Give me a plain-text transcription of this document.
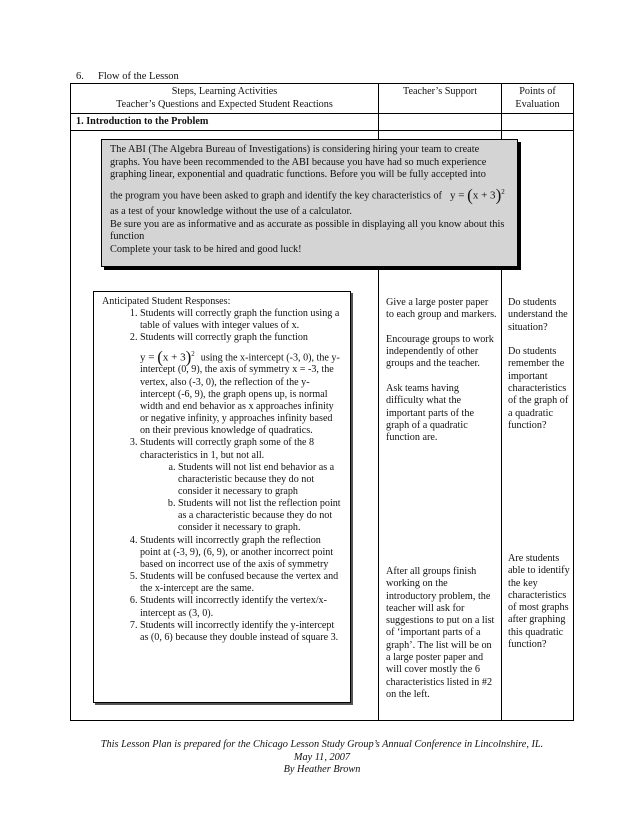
6. Flow of the Lesson
Steps, Learning Activities
Teacher’s Questions and Expected Student Reactions
Teacher’s Support	Points of
Evaluation
1. Introduction to the Problem

The ABI (The Algebra Bureau of Investigations) is considering hiring your team to create graphs. You have been recommended to the ABI because you have had so much experience graphing linear, exponential and quadratic functions. Before you will be fully accepted into

the program you have been asked to graph and identify the key characteristics of $y = (x + 3)^2$

as a test of your knowledge without the use of a calculator.

Be sure you are as informative and as accurate as possible in displaying all you know about this function

Complete your task to be hired and good luck!

Anticipated Student Responses:
1. Students will correctly graph the function using a table of values with integer values of x.
2. Students will correctly graph the function
$y = (x + 3)^2$ using the x-intercept (-3, 0), the y-intercept (0, 9), the axis of symmetry x = -3, the vertex, also (-3, 0), the reflection of the y-intercept (-6, 9), the graph opens up, is normal width and end behavior as x approaches infinity or negative infinity, y approaches infinity based on their previous knowledge of quadratics.
3. Students will correctly graph some of the 8 characteristics in 1, but not all.
a. Students will not list end behavior as a characteristic because they do not consider it necessary to graph
b. Students will not list the reflection point as a characteristic because they do not consider it necessary to graph.
4. Students will incorrectly graph the reflection point at (-3, 9), (6, 9), or another incorrect point based on incorrect use of the axis of symmetry
5. Students will be confused because the vertex and the x-intercept are the same.
6. Students will incorrectly identify the vertex/x-intercept as (3, 0).
7. Students will incorrectly identify the y-intercept as (0, 6) because they double instead of square 3.

Give a large poster paper to each group and markers.

Encourage groups to work independently of other groups and the teacher.

Ask teams having difficulty what the important parts of the graph of a quadratic function are.

After all groups finish working on the introductory problem, the teacher will ask for suggestions to put on a list of ‘important parts of a graph’. The list will be on a large poster paper and will cover mostly the 6 characteristics listed in #2 on the left.

Do students understand the situation?

Do students remember the important characteristics of the graph of a quadratic function?

Are students able to identify the key characteristics of most graphs after graphing this quadratic function?

This Lesson Plan is prepared for the Chicago Lesson Study Group’s Annual Conference in Lincolnshire, IL.
May 11, 2007
By Heather Brown
